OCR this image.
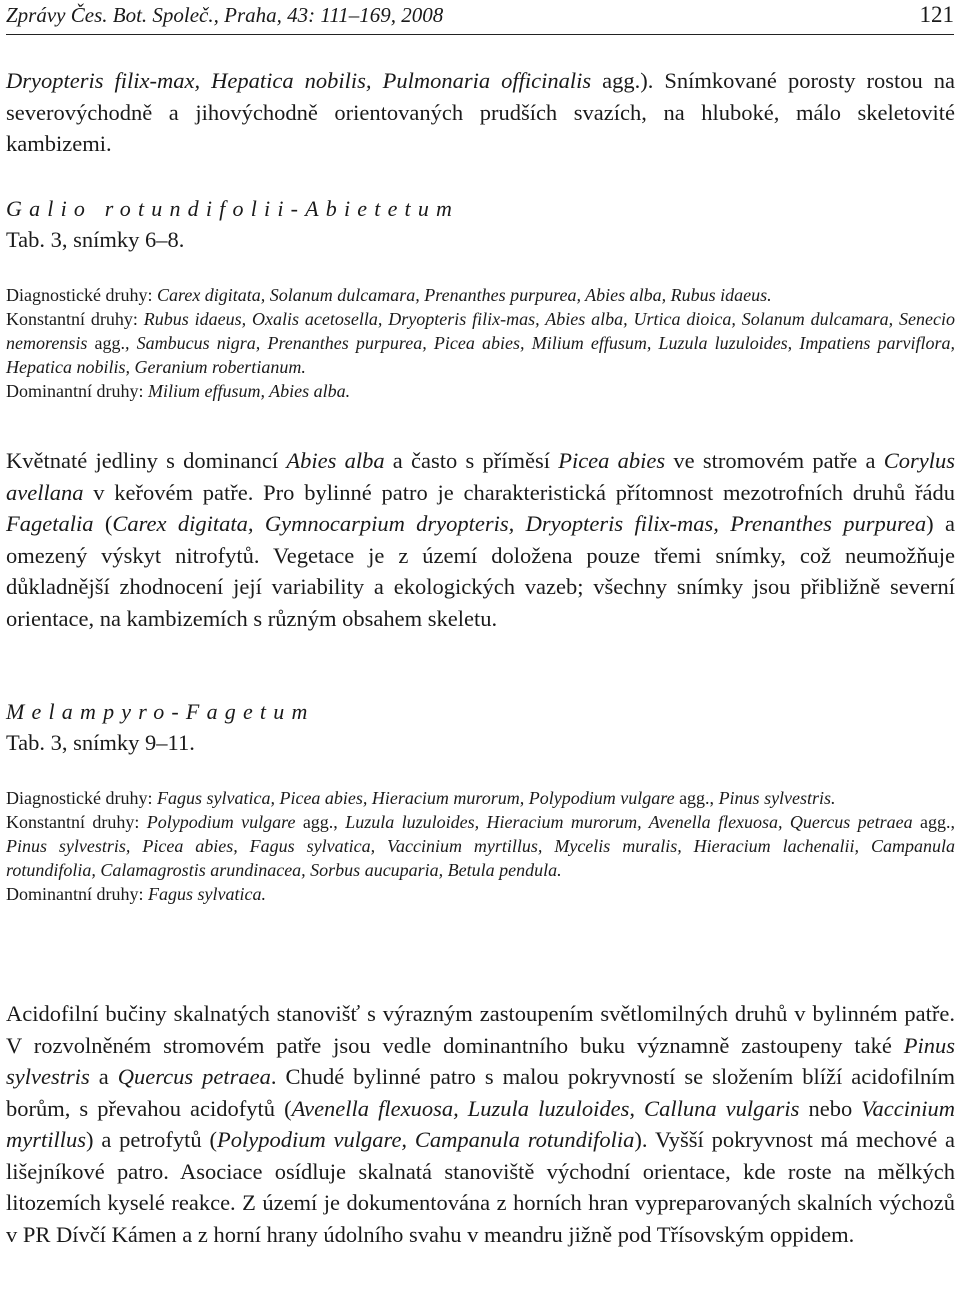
Zprávy Čes. Bot. Společ., Praha, 43: 111–169, 2008	121

Dryopteris filix-max, Hepatica nobilis, Pulmonaria officinalis agg.). Snímkované porosty rostou na severovýchodně a jihovýchodně orientovaných prudších svazích, na hluboké, málo skeletovité kambizemi.

Galio rotundifolii-Abietetum

Tab. 3, snímky 6–8.

Diagnostické druhy: Carex digitata, Solanum dulcamara, Prenanthes purpurea, Abies alba, Rubus idaeus.
Konstantní druhy: Rubus idaeus, Oxalis acetosella, Dryopteris filix-mas, Abies alba, Urtica dioica, Solanum dulcamara, Senecio nemorensis agg., Sambucus nigra, Prenanthes purpurea, Picea abies, Milium effusum, Luzula luzuloides, Impatiens parviflora, Hepatica nobilis, Geranium robertianum.
Dominantní druhy: Milium effusum, Abies alba.

Květnaté jedliny s dominancí Abies alba a často s příměsí Picea abies ve stromovém patře a Corylus avellana v keřovém patře. Pro bylinné patro je charakteristická přítomnost mezotrofních druhů řádu Fagetalia (Carex digitata, Gymnocarpium dryopteris, Dryopteris filix-mas, Prenanthes purpurea) a omezený výskyt nitrofytů. Vegetace je z území doložena pouze třemi snímky, což neumožňuje důkladnější zhodnocení její variability a ekologických vazeb; všechny snímky jsou přibližně severní orientace, na kambizemích s různým obsahem skeletu.

Melampyro-Fagetum

Tab. 3, snímky 9–11.

Diagnostické druhy: Fagus sylvatica, Picea abies, Hieracium murorum, Polypodium vulgare agg., Pinus sylvestris.
Konstantní druhy: Polypodium vulgare agg., Luzula luzuloides, Hieracium murorum, Avenella flexuosa, Quercus petraea agg., Pinus sylvestris, Picea abies, Fagus sylvatica, Vaccinium myrtillus, Mycelis muralis, Hieracium lachenalii, Campanula rotundifolia, Calamagrostis arundinacea, Sorbus aucuparia, Betula pendula.
Dominantní druhy: Fagus sylvatica.

Acidofilní bučiny skalnatých stanovišť s výrazným zastoupením světlomilných druhů v bylinném patře. V rozvolněném stromovém patře jsou vedle dominantního buku významně zastoupeny také Pinus sylvestris a Quercus petraea. Chudé bylinné patro s malou pokryvností se složením blíží acidofilním borům, s převahou acidofytů (Avenella flexuosa, Luzula luzuloides, Calluna vulgaris nebo Vaccinium myrtillus) a petrofytů (Polypodium vulgare, Campanula rotundifolia). Vyšší pokryvnost má mechové a lišejníkové patro. Asociace osídluje skalnatá stanoviště východní orientace, kde roste na mělkých litozemích kyselé reakce. Z území je dokumentována z horních hran vypreparovaných skalních výchozů v PR Dívčí Kámen a z horní hrany údolního svahu v meandru jižně pod Třísovským oppidem.
